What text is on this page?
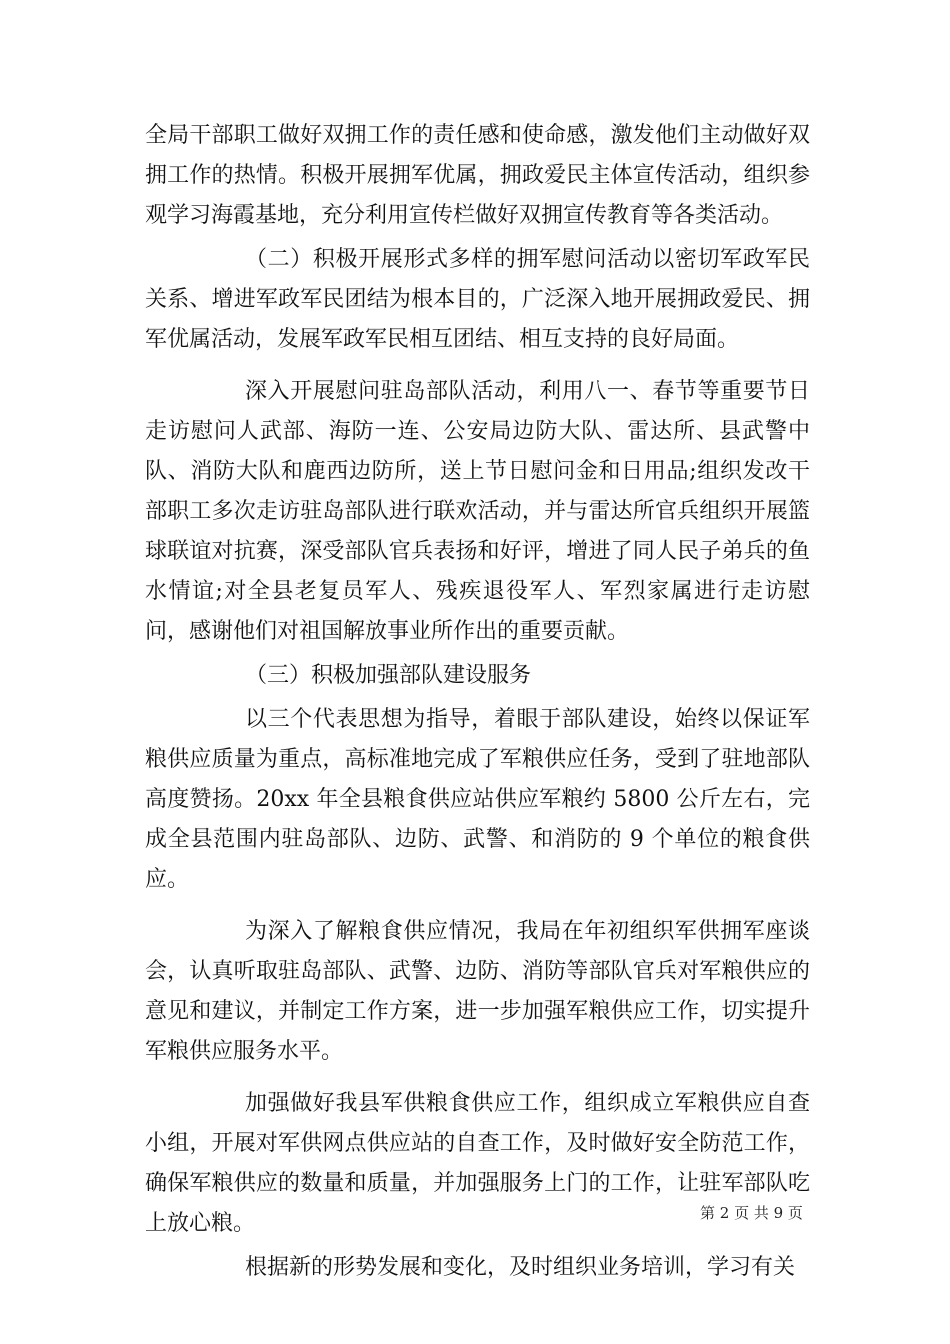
全局干部职工做好双拥工作的责任感和使命感，激发他们主动做好双拥工作的热情。积极开展拥军优属，拥政爱民主体宣传活动，组织参观学习海霞基地，充分利用宣传栏做好双拥宣传教育等各类活动。

（二）积极开展形式多样的拥军慰问活动以密切军政军民关系、增进军政军民团结为根本目的，广泛深入地开展拥政爱民、拥军优属活动，发展军政军民相互团结、相互支持的良好局面。

深入开展慰问驻岛部队活动，利用八一、春节等重要节日走访慰问人武部、海防一连、公安局边防大队、雷达所、县武警中队、消防大队和鹿西边防所，送上节日慰问金和日用品;组织发改干部职工多次走访驻岛部队进行联欢活动，并与雷达所官兵组织开展篮球联谊对抗赛，深受部队官兵表扬和好评，增进了同人民子弟兵的鱼水情谊;对全县老复员军人、残疾退役军人、军烈家属进行走访慰问，感谢他们对祖国解放事业所作出的重要贡献。

（三）积极加强部队建设服务

以三个代表思想为指导，着眼于部队建设，始终以保证军粮供应质量为重点，高标准地完成了军粮供应任务，受到了驻地部队高度赞扬。20xx 年全县粮食供应站供应军粮约 5800 公斤左右，完成全县范围内驻岛部队、边防、武警、和消防的 9 个单位的粮食供应。

为深入了解粮食供应情况，我局在年初组织军供拥军座谈会，认真听取驻岛部队、武警、边防、消防等部队官兵对军粮供应的意见和建议，并制定工作方案，进一步加强军粮供应工作，切实提升军粮供应服务水平。

加强做好我县军供粮食供应工作，组织成立军粮供应自查小组，开展对军供网点供应站的自查工作，及时做好安全防范工作，确保军粮供应的数量和质量，并加强服务上门的工作，让驻军部队吃上放心粮。

根据新的形势发展和变化，及时组织业务培训，学习有关

第 2 页 共 9 页
